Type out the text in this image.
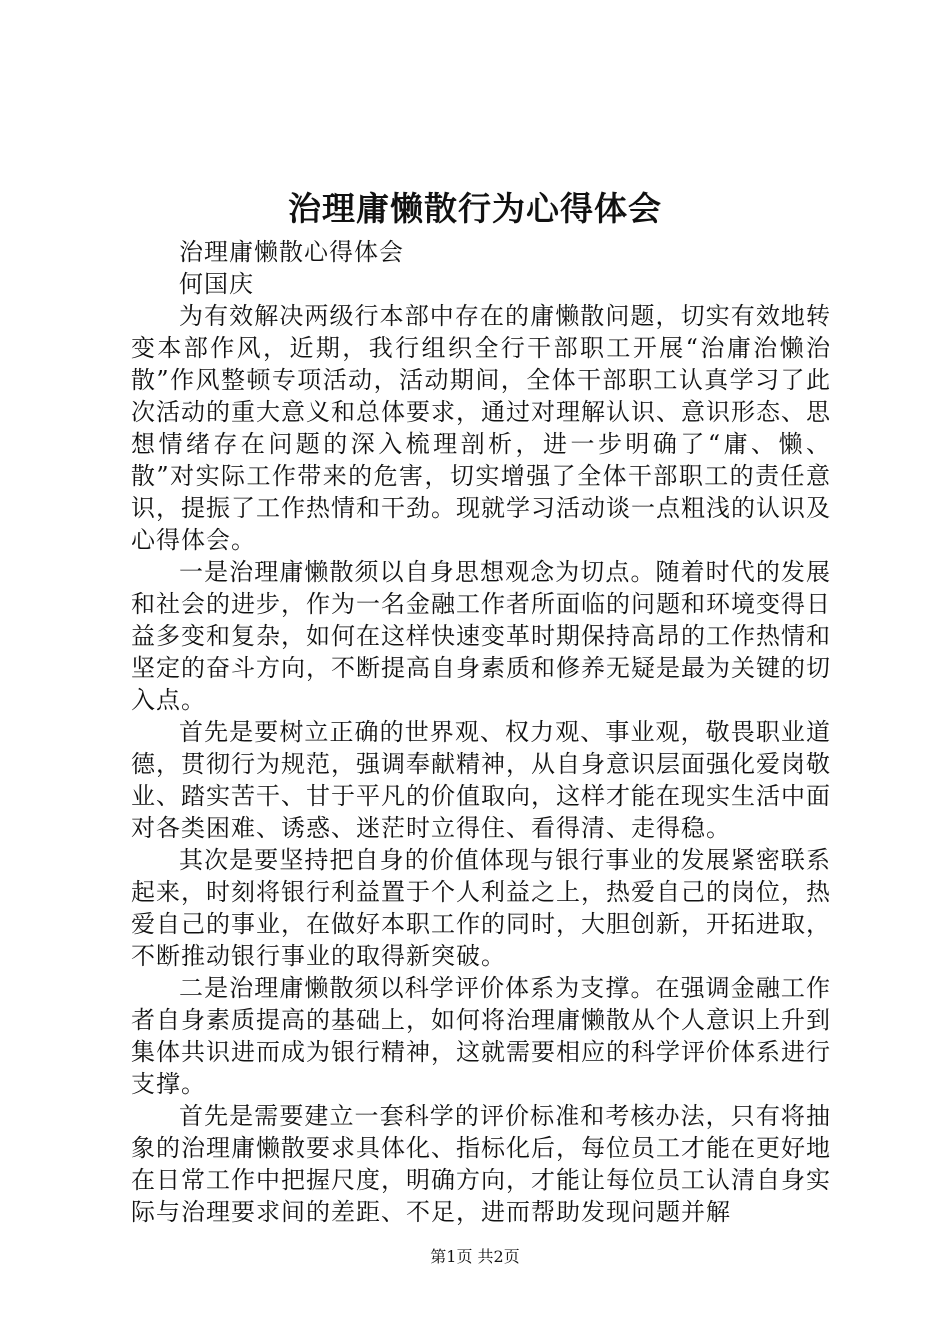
治理庸懒散行为心得体会

治理庸懒散心得体会

何国庆

为有效解决两级行本部中存在的庸懒散问题，切实有效地转变本部作风，近期，我行组织全行干部职工开展“治庸治懒治散”作风整顿专项活动，活动期间，全体干部职工认真学习了此次活动的重大意义和总体要求，通过对理解认识、意识形态、思想情绪存在问题的深入梳理剖析，进一步明确了“庸、懒、散”对实际工作带来的危害，切实增强了全体干部职工的责任意识，提振了工作热情和干劲。现就学习活动谈一点粗浅的认识及心得体会。

一是治理庸懒散须以自身思想观念为切点。随着时代的发展和社会的进步，作为一名金融工作者所面临的问题和环境变得日益多变和复杂，如何在这样快速变革时期保持高昂的工作热情和坚定的奋斗方向，不断提高自身素质和修养无疑是最为关键的切入点。

首先是要树立正确的世界观、权力观、事业观，敬畏职业道德，贯彻行为规范，强调奉献精神，从自身意识层面强化爱岗敬业、踏实苦干、甘于平凡的价值取向，这样才能在现实生活中面对各类困难、诱惑、迷茫时立得住、看得清、走得稳。

其次是要坚持把自身的价值体现与银行事业的发展紧密联系起来，时刻将银行利益置于个人利益之上，热爱自己的岗位，热爱自己的事业，在做好本职工作的同时，大胆创新，开拓进取，不断推动银行事业的取得新突破。

二是治理庸懒散须以科学评价体系为支撑。在强调金融工作者自身素质提高的基础上，如何将治理庸懒散从个人意识上升到集体共识进而成为银行精神，这就需要相应的科学评价体系进行支撑。

首先是需要建立一套科学的评价标准和考核办法，只有将抽象的治理庸懒散要求具体化、指标化后，每位员工才能在更好地在日常工作中把握尺度，明确方向，才能让每位员工认清自身实际与治理要求间的差距、不足，进而帮助发现问题并解

第1页 共2页
